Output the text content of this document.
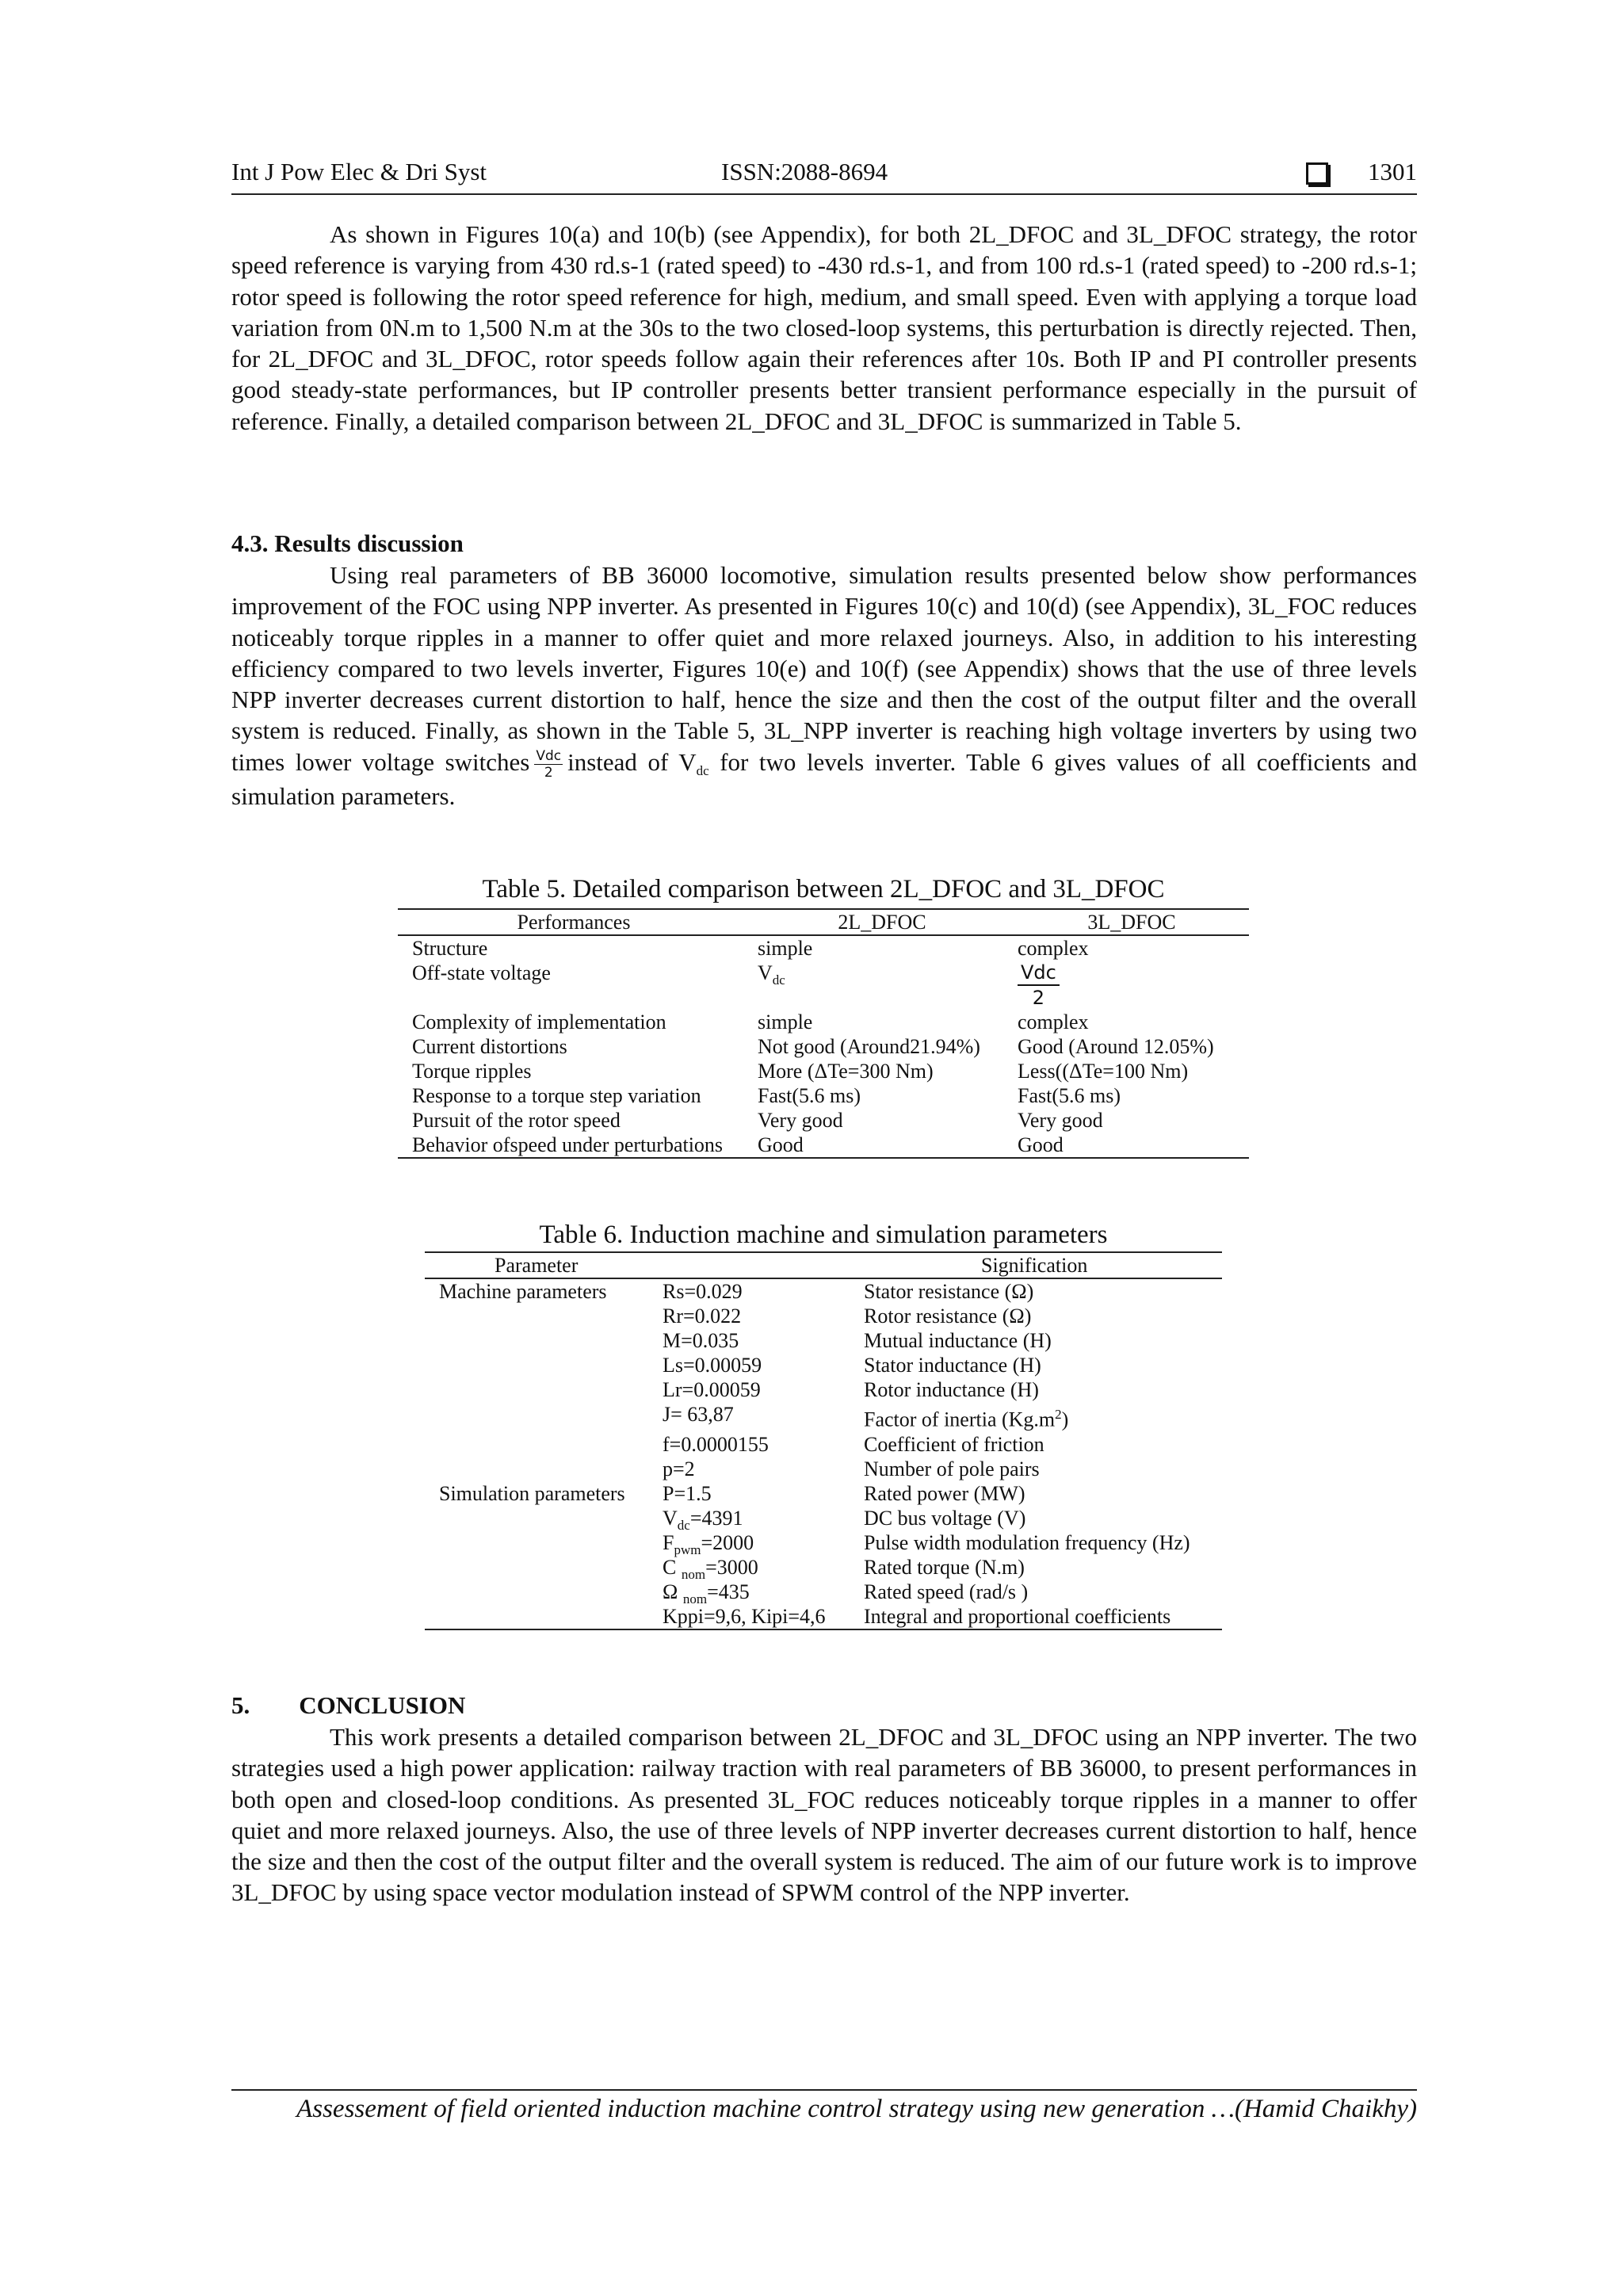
Int J Pow Elec & Dri Syst	ISSN:2088-8694	1301

As shown in Figures 10(a) and 10(b) (see Appendix), for both 2L_DFOC and 3L_DFOC strategy, the rotor speed reference is varying from 430 rd.s-1 (rated speed) to -430 rd.s-1, and from 100 rd.s-1 (rated speed) to -200 rd.s-1; rotor speed is following the rotor speed reference for high, medium, and small speed. Even with applying a torque load variation from 0N.m to 1,500 N.m at the 30s to the two closed-loop systems, this perturbation is directly rejected. Then, for 2L_DFOC and 3L_DFOC, rotor speeds follow again their references after 10s. Both IP and PI controller presents good steady-state performances, but IP controller presents better transient performance especially in the pursuit of reference. Finally, a detailed comparison between 2L_DFOC and 3L_DFOC is summarized in Table 5.

4.3. Results discussion

Using real parameters of BB 36000 locomotive, simulation results presented below show performances improvement of the FOC using NPP inverter. As presented in Figures 10(c) and 10(d) (see Appendix), 3L_FOC reduces noticeably torque ripples in a manner to offer quiet and more relaxed journeys. Also, in addition to his interesting efficiency compared to two levels inverter, Figures 10(e) and 10(f) (see Appendix) shows that the use of three levels NPP inverter decreases current distortion to half, hence the size and then the cost of the output filter and the overall system is reduced. Finally, as shown in the Table 5, 3L_NPP inverter is reaching high voltage inverters by using two times lower voltage switches $\frac{\text{Vdc}}{2}$ instead of $V_{dc}$ for two levels inverter. Table 6 gives values of all coefficients and simulation parameters.

Table 5. Detailed comparison between 2L_DFOC and 3L_DFOC

Performances	2L_DFOC	3L_DFOC
Structure	simple	complex
Off-state voltage	$V_{dc}$	$\frac{\text{Vdc}}{2}$

Complexity of implementation	simple	complex
Current distortions	Not good (Around21.94%)	Good (Around 12.05%)
Torque ripples	More (ΔTe=300 Nm)	Less((ΔTe=100 Nm)
Response to a torque step variation	Fast(5.6 ms)	Fast(5.6 ms)
Pursuit of the rotor speed	Very good	Very good
Behavior ofspeed under perturbations	Good	Good

Table 6. Induction machine and simulation parameters

Parameter		Signification
Machine parameters	Rs=0.029	Stator resistance (Ω)
	Rr=0.022	Rotor resistance (Ω)
	M=0.035	Mutual inductance (H)
	Ls=0.00059	Stator inductance (H)
	Lr=0.00059	Rotor inductance (H)
	J= 63,87	Factor of inertia $(Kg.m^2)$
	f=0.0000155	Coefficient of friction
	p=2	Number of pole pairs
Simulation parameters	P=1.5	Rated power (MW)
	$V_{dc}=4391$	DC bus voltage (V)
	$F_{pwm}=2000$	Pulse width modulation frequency (Hz)
	C $_{nom}$=3000	Rated torque (N.m)
	Ω $_{nom}$=435	Rated speed (rad/s )
	Kppi=9,6, Kipi=4,6	Integral and proportional coefficients
5. CONCLUSION

This work presents a detailed comparison between 2L_DFOC and 3L_DFOC using an NPP inverter. The two strategies used a high power application: railway traction with real parameters of BB 36000, to present performances in both open and closed-loop conditions. As presented 3L_FOC reduces noticeably torque ripples in a manner to offer quiet and more relaxed journeys. Also, the use of three levels of NPP inverter decreases current distortion to half, hence the size and then the cost of the output filter and the overall system is reduced. The aim of our future work is to improve 3L_DFOC by using space vector modulation instead of SPWM control of the NPP inverter.

Assessement of field oriented induction machine control strategy using new generation …(Hamid Chaikhy)
